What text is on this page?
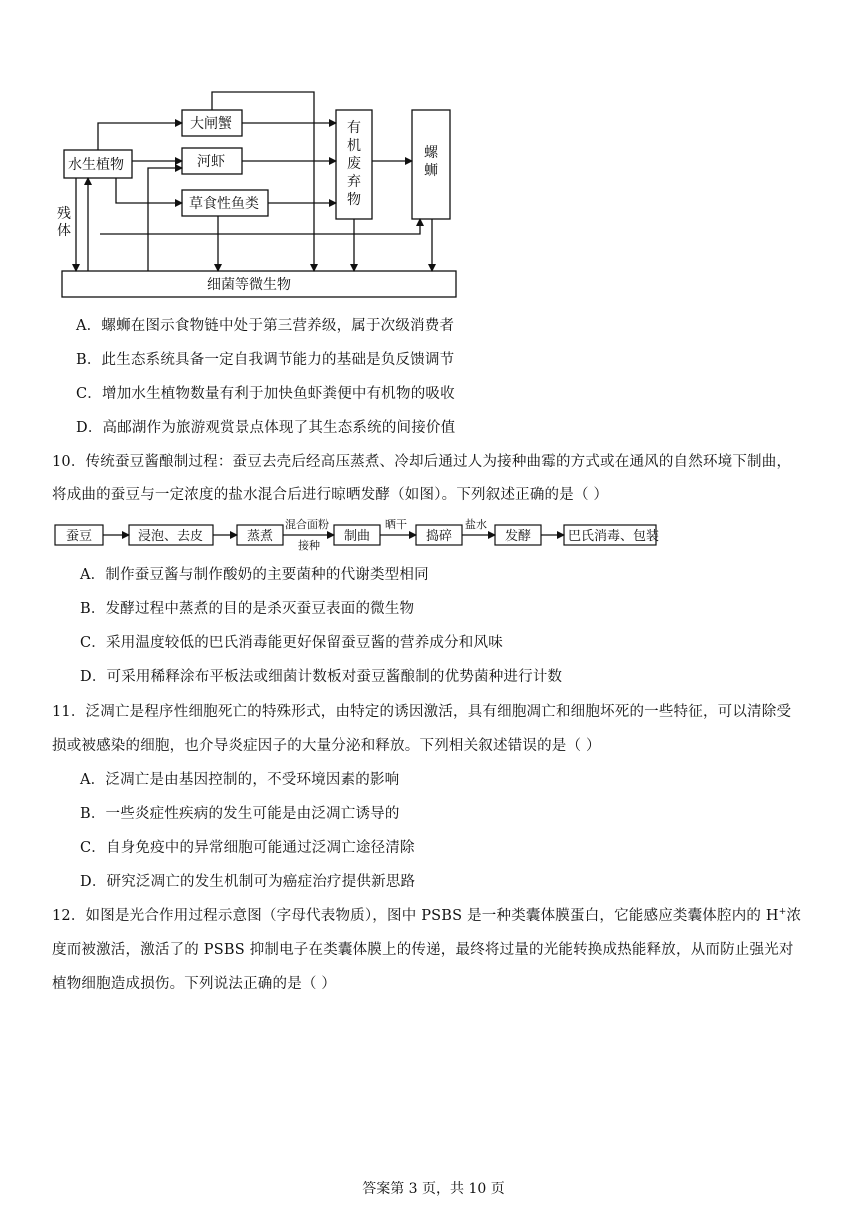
水生植物
大闸蟹
河虾
草食性鱼类
有
机
废
弃
物
螺
蛳
细菌等微生物
残
体
A．螺蛳在图示食物链中处于第三营养级，属于次级消费者
B．此生态系统具备一定自我调节能力的基础是负反馈调节
C．增加水生植物数量有利于加快鱼虾粪便中有机物的吸收
D．高邮湖作为旅游观赏景点体现了其生态系统的间接价值
10．传统蚕豆酱酿制过程：蚕豆去壳后经高压蒸煮、冷却后通过人为接种曲霉的方式或在通风的自然环境下制曲，
将成曲的蚕豆与一定浓度的盐水混合后进行晾晒发酵（如图）。下列叙述正确的是（ ）
蚕豆	浸泡、去皮	蒸煮	制曲	捣碎	发酵	巴氏消毒、包装
混合面粉
接种
晒干	盐水
A．制作蚕豆酱与制作酸奶的主要菌种的代谢类型相同
B．发酵过程中蒸煮的目的是杀灭蚕豆表面的微生物
C．采用温度较低的巴氏消毒能更好保留蚕豆酱的营养成分和风味
D．可采用稀释涂布平板法或细菌计数板对蚕豆酱酿制的优势菌种进行计数
11．泛凋亡是程序性细胞死亡的特殊形式，由特定的诱因激活，具有细胞凋亡和细胞坏死的一些特征，可以清除受
损或被感染的细胞，也介导炎症因子的大量分泌和释放。下列相关叙述错误的是（ ）
A．泛凋亡是由基因控制的，不受环境因素的影响
B．一些炎症性疾病的发生可能是由泛凋亡诱导的
C．自身免疫中的异常细胞可能通过泛凋亡途径清除
D．研究泛凋亡的发生机制可为癌症治疗提供新思路
12．如图是光合作用过程示意图（字母代表物质），图中 PSBS 是一种类囊体膜蛋白，它能感应类囊体腔内的 H+浓
度而被激活，激活了的 PSBS 抑制电子在类囊体膜上的传递，最终将过量的光能转换成热能释放，从而防止强光对
植物细胞造成损伤。下列说法正确的是（ ）
答案第 3 页，共 10 页
